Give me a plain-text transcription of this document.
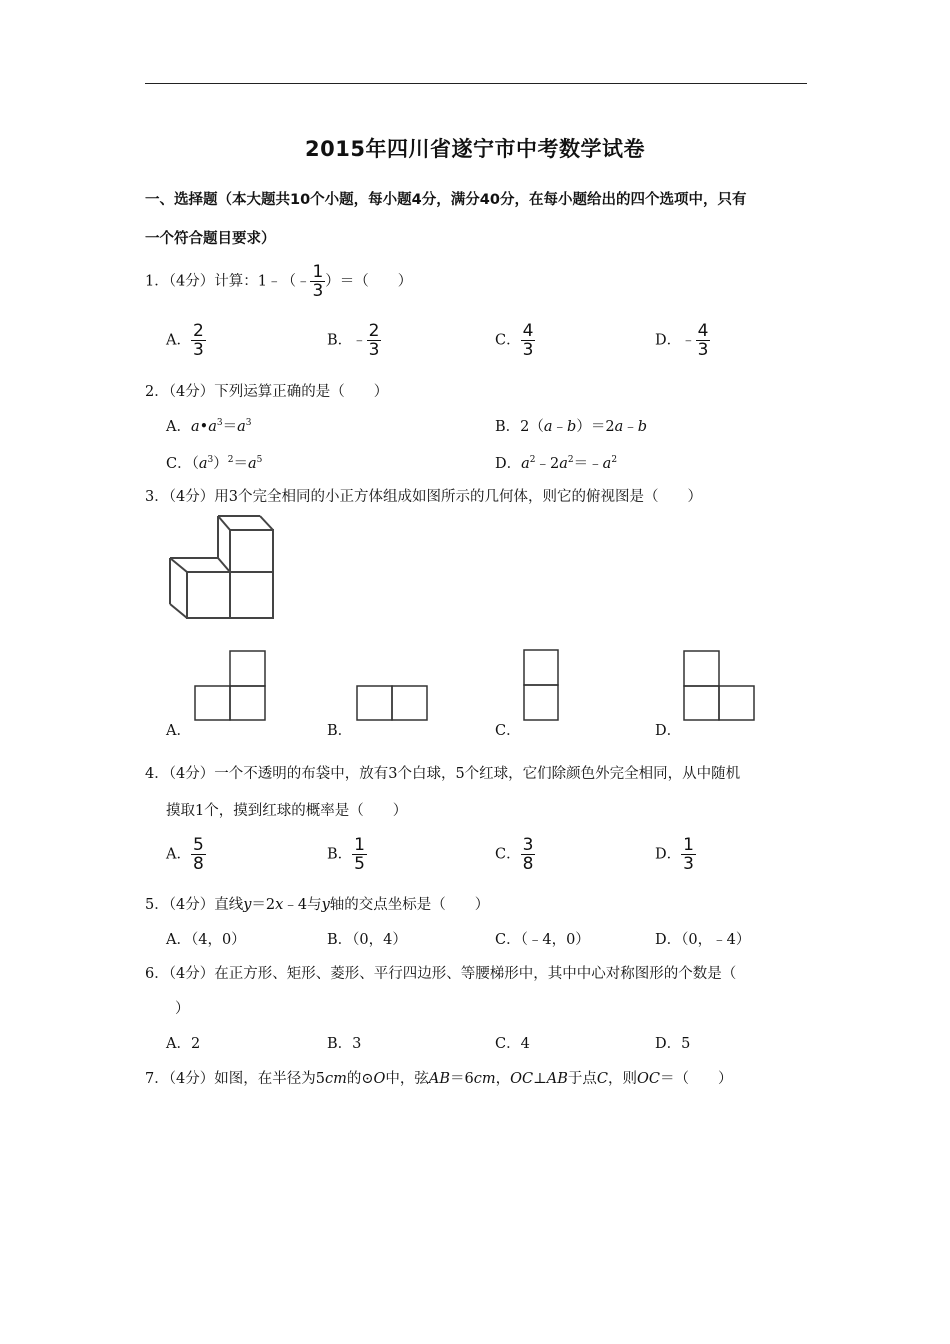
2015年四川省遂宁市中考数学试卷
一、选择题（本大题共10个小题，每小题4分，满分40分，在每小题给出的四个选项中，只有
一个符合题目要求）
1．（4分）计算：1﹣（﹣ $\frac{1}{3}$ ）＝（　　）
A． $\frac{2}{3}$	B．﹣ $\frac{2}{3}$	C． $\frac{4}{3}$	D．﹣ $\frac{4}{3}$
2．（4分）下列运算正确的是（　　）
A．$a•a^3=a^3$	B．2（a﹣b）＝2a﹣b
C．$(a^3)^2=a^5$	D．$a^2﹣2a^2=﹣a^2$
3．（4分）用3个完全相同的小正方体组成如图所示的几何体，则它的俯视图是（　　）
A．	B．	C．	D．
4．（4分）一个不透明的布袋中，放有3个白球，5个红球，它们除颜色外完全相同，从中随机
摸取1个，摸到红球的概率是（　　）
A． $\frac{5}{8}$	B． $\frac{1}{5}$	C． $\frac{3}{8}$	D． $\frac{1}{3}$
5．（4分）直线y＝2x﹣4与y轴的交点坐标是（　　）
A．（4，0）	B．（0，4）	C．（﹣4，0）	D．（0，﹣4）
6．（4分）在正方形、矩形、菱形、平行四边形、等腰梯形中，其中中心对称图形的个数是（
）
A．2	B．3	C．4	D．5
7．（4分）如图，在半径为5cm的⊙O中，弦AB＝6cm，OC⊥AB于点C，则OC＝（　　）
